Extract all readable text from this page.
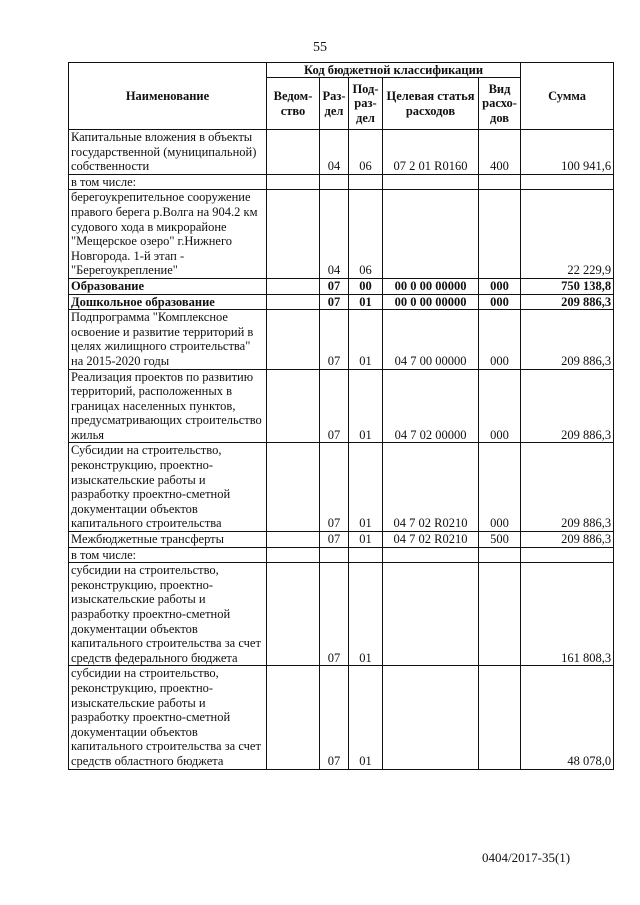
55
Наименование	Код бюджетной классификации					Сумма
	Ведом-ство	Раз-дел	Под-раз-дел	Целевая статья расходов	Вид расхо-дов	
Капитальные вложения в объекты государственной (муниципальной) собственности		04	06	07 2 01 R0160	400	100 941,6
в том числе:						
берегоукрепительное сооружение правого берега р.Волга на 904.2 км судового хода в микрорайоне "Мещерское озеро" г.Нижнего Новгорода. 1-й этап - "Берегоукрепление"		04	06			22 229,9
Образование		07	00	00 0 00 00000	000	750 138,8
Дошкольное образование		07	01	00 0 00 00000	000	209 886,3
Подпрограмма "Комплексное освоение и развитие территорий в целях жилищного строительства" на 2015-2020 годы		07	01	04 7 00 00000	000	209 886,3
Реализация проектов по развитию территорий, расположенных в границах населенных пунктов, предусматривающих строительство жилья		07	01	04 7 02 00000	000	209 886,3
Субсидии на строительство, реконструкцию, проектно-изыскательские работы и разработку проектно-сметной документации объектов капитального строительства		07	01	04 7 02 R0210	000	209 886,3
Межбюджетные трансферты		07	01	04 7 02 R0210	500	209 886,3
в том числе:						
субсидии на строительство, реконструкцию, проектно-изыскательские работы и разработку проектно-сметной документации объектов капитального строительства за счет средств федерального бюджета		07	01			161 808,3
субсидии на строительство, реконструкцию, проектно-изыскательские работы и разработку проектно-сметной документации объектов капитального строительства за счет средств областного бюджета		07	01			48 078,0
0404/2017-35(1)
